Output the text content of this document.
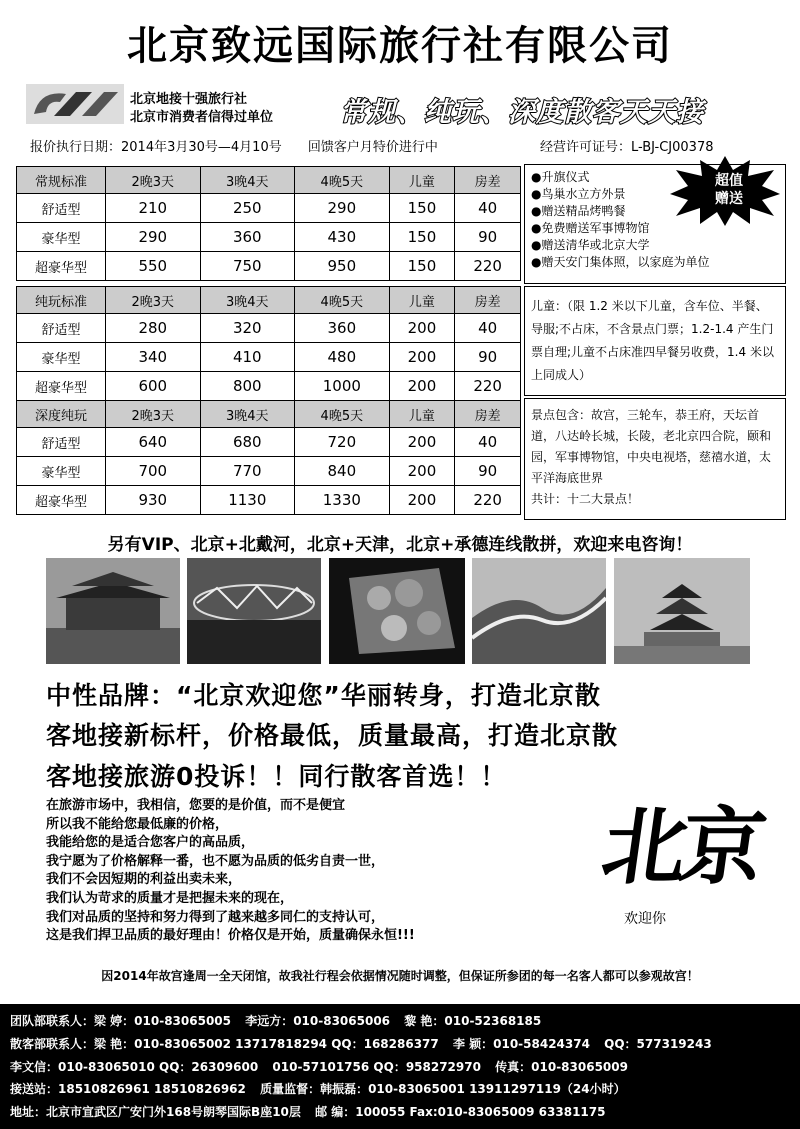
北京致远国际旅行社有限公司
北京地接十强旅行社
北京市消费者信得过单位 常规、纯玩、深度散客天天接
报价执行日期：2014年3月30号—4月10号 回馈客户月特价进行中	经营许可证号：L-BJ-CJ00378
常规标准	2晚3天	3晚4天	4晚5天	儿童	房差
舒适型	210	250	290	150	40
豪华型	290	360	430	150	90
超豪华型	550	750	950	150	220
纯玩标准	2晚3天	3晚4天	4晚5天	儿童	房差
舒适型	280	320	360	200	40
豪华型	340	410	480	200	90
超豪华型	600	800	1000	200	220
深度纯玩	2晚3天	3晚4天	4晚5天	儿童	房差
舒适型	640	680	720	200	40
豪华型	700	770	840	200	90
超豪华型	930	1130	1330	200	220
●升旗仪式
●鸟巢水立方外景
●赠送精品烤鸭餐
●免费赠送军事博物馆
●赠送清华或北京大学
●赠天安门集体照，以家庭为单位
超值
赠送
儿童：（限 1.2 米以下儿童，含车位、半餐、导服;不占床，不含景点门票；1.2-1.4 产生门票自理;儿童不占床准四早餐另收费，1.4 米以上同成人）
景点包含：故宫，三轮车，恭王府，天坛首道，八达岭长城，长陵，老北京四合院，颐和园，军事博物馆，中央电视塔，慈禧水道，太平洋海底世界
共计：十二大景点！
另有VIP、北京+北戴河，北京+天津，北京+承德连线散拼，欢迎来电咨询！
中性品牌：“北京欢迎您”华丽转身，打造北京散
客地接新标杆，价格最低，质量最高，打造北京散
客地接旅游0投诉！！同行散客首选！！
在旅游市场中，我相信，您要的是价值，而不是便宜
所以我不能给您最低廉的价格，
我能给您的是适合您客户的高品质，
我宁愿为了价格解释一番，也不愿为品质的低劣自责一世，
我们不会因短期的利益出卖未来，
我们认为苛求的质量才是把握未来的现在，
我们对品质的坚持和努力得到了越来越多同仁的支持认可，
这是我们捍卫品质的最好理由！价格仅是开始，质量确保永恒!!!
北京
欢迎你
因2014年故宫逢周一全天闭馆，故我社行程会依据情况随时调整，但保证所参团的每一名客人都可以参观故宫！
团队部联系人：梁 婷：010-83065005 李远方：010-83065006 黎 艳：010-52368185
散客部联系人：梁 艳：010-83065002 13717818294 QQ：168286377 李 颖：010-58424374 QQ：577319243
李文信：010-83065010 QQ：26309600 010-57101756 QQ：958272970 传真：010-83065009
接送站：18510826961 18510826962 质量监督：韩振磊：010-83065001 13911297119（24小时）
地址：北京市宣武区广安门外168号朗琴国际B座10层 邮 编：100055 Fax:010-83065009 63381175
